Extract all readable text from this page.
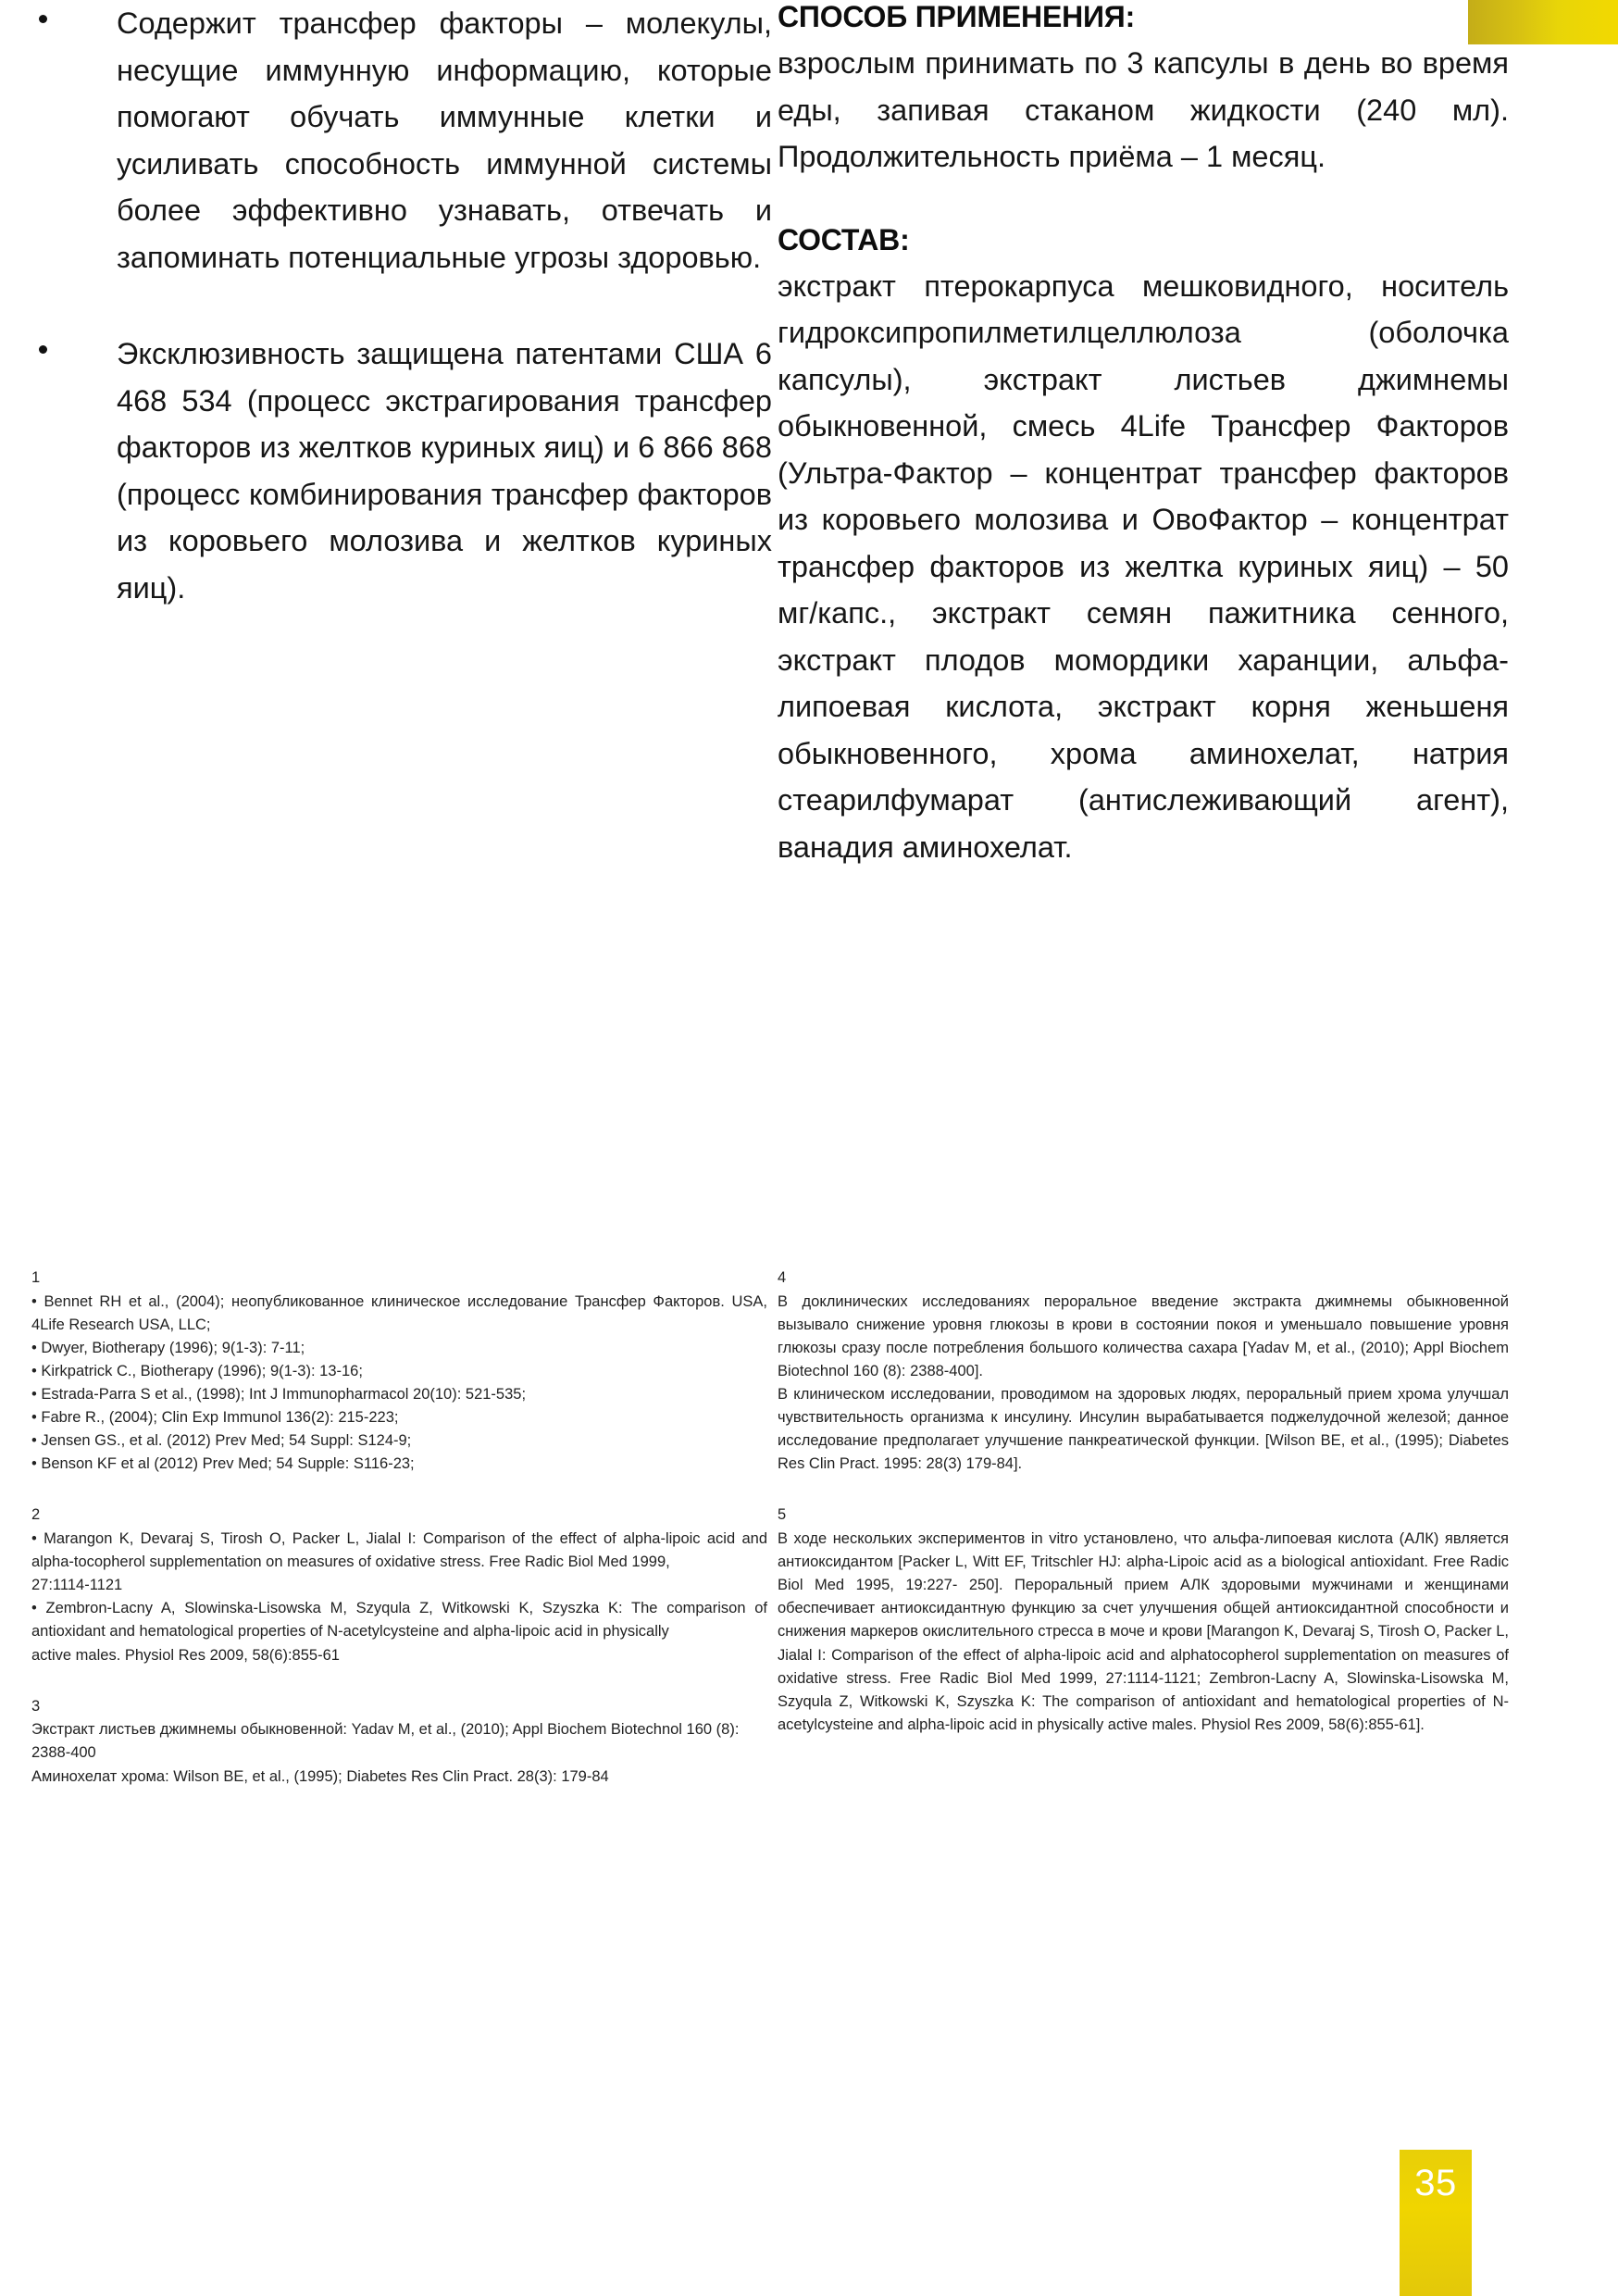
Содержит трансфер факторы – молекулы, несущие иммунную информацию, которые помогают обучать иммунные клетки и усиливать способность иммунной системы более эффективно узнавать, отвечать и запоминать потенциальные угрозы здоровью.
Эксклюзивность защищена патентами США 6 468 534 (процесс экстрагирования трансфер факторов из желтков куриных яиц) и 6 866 868 (процесс комбинирования трансфер факторов из коровьего молозива и желтков куриных яиц).
СПОСОБ ПРИМЕНЕНИЯ:

взрослым принимать по 3 капсулы в день во время еды, запивая стаканом жидкости (240 мл). Продолжительность приёма – 1 месяц.

СОСТАВ:

экстракт птерокарпуса мешковидного, носитель гидроксипропилметилцеллюлоза (оболочка капсулы), экстракт листьев джимнемы обыкновенной, смесь 4Life Трансфер Факторов (Ультра-Фактор – концентрат трансфер факторов из коровьего молозива и ОвоФактор – концентрат трансфер факторов из желтка куриных яиц) – 50 мг/капс., экстракт семян пажитника сенного, экстракт плодов момордики харанции, альфа-липоевая кислота, экстракт корня женьшеня обыкновенного, хрома аминохелат, натрия стеарилфумарат (антислеживающий агент), ванадия аминохелат.

1

• Bennet RH et al., (2004); неопубликованное клиническое исследование Трансфер Факторов. USA, 4Life Research USA, LLC;

• Dwyer, Biotherapy (1996); 9(1-3): 7-11;

• Kirkpatrick C., Biotherapy (1996); 9(1-3): 13-16;

• Estrada-Parra S et al., (1998); Int J Immunopharmacol 20(10): 521-535;

• Fabre R., (2004); Clin Exp Immunol 136(2): 215-223;

• Jensen GS., et al. (2012) Prev Med; 54 Suppl: S124-9;

• Benson KF et al (2012) Prev Med; 54 Supple: S116-23;

2

• Marangon K, Devaraj S, Tirosh O, Packer L, Jialal I: Comparison of the effect of alpha-lipoic acid and alpha-tocopherol supplementation on measures of oxidative stress. Free Radic Biol Med 1999,

27:1114-1121

• Zembron-Lacny A, Slowinska-Lisowska M, Szyqula Z, Witkowski K, Szyszka K: The comparison of antioxidant and hematological properties of N-acetylcysteine and alpha-lipoic acid in physically

active males. Physiol Res 2009, 58(6):855-61

3

Экстракт листьев джимнемы обыкновенной: Yadav M, et al., (2010); Appl Biochem Biotechnol 160 (8): 2388-400

Аминохелат хрома: Wilson BE, et al., (1995); Diabetes Res Clin Pract. 28(3): 179-84

4

В доклинических исследованиях пероральное введение экстракта джимнемы обыкновенной вызывало снижение уровня глюкозы в крови в состоянии покоя и уменьшало повышение уровня глюкозы сразу после потребления большого количества сахара [Yadav M, et al., (2010); Appl Biochem Biotechnol 160 (8): 2388-400].

В клиническом исследовании, проводимом на здоровых людях, пероральный прием хрома улучшал чувствительность организма к инсулину. Инсулин вырабатывается поджелудочной железой; данное исследование предполагает улучшение панкреатической функции. [Wilson BE, et al., (1995); Diabetes Res Clin Pract. 1995: 28(3) 179-84].

5

В ходе нескольких экспериментов in vitro установлено, что альфа-липоевая кислота (АЛК) является антиоксидантом [Packer L, Witt EF, Tritschler HJ: alpha-Lipoic acid as a biological antioxidant. Free Radic Biol Med 1995, 19:227- 250]. Пероральный прием АЛК здоровыми мужчинами и женщинами обеспечивает антиоксидантную функцию за счет улучшения общей антиоксидантной способности и снижения маркеров окислительного стресса в моче и крови [Marangon K, Devaraj S, Tirosh O, Packer L, Jialal I: Comparison of the effect of alpha-lipoic acid and alphatocopherol supplementation on measures of oxidative stress. Free Radic Biol Med 1999, 27:1114-1121; Zembron-Lacny A, Slowinska-Lisowska M, Szyqula Z, Witkowski K, Szyszka K: The comparison of antioxidant and hematological properties of N-acetylcysteine and alpha-lipoic acid in physically active males. Physiol Res 2009, 58(6):855-61].

35
